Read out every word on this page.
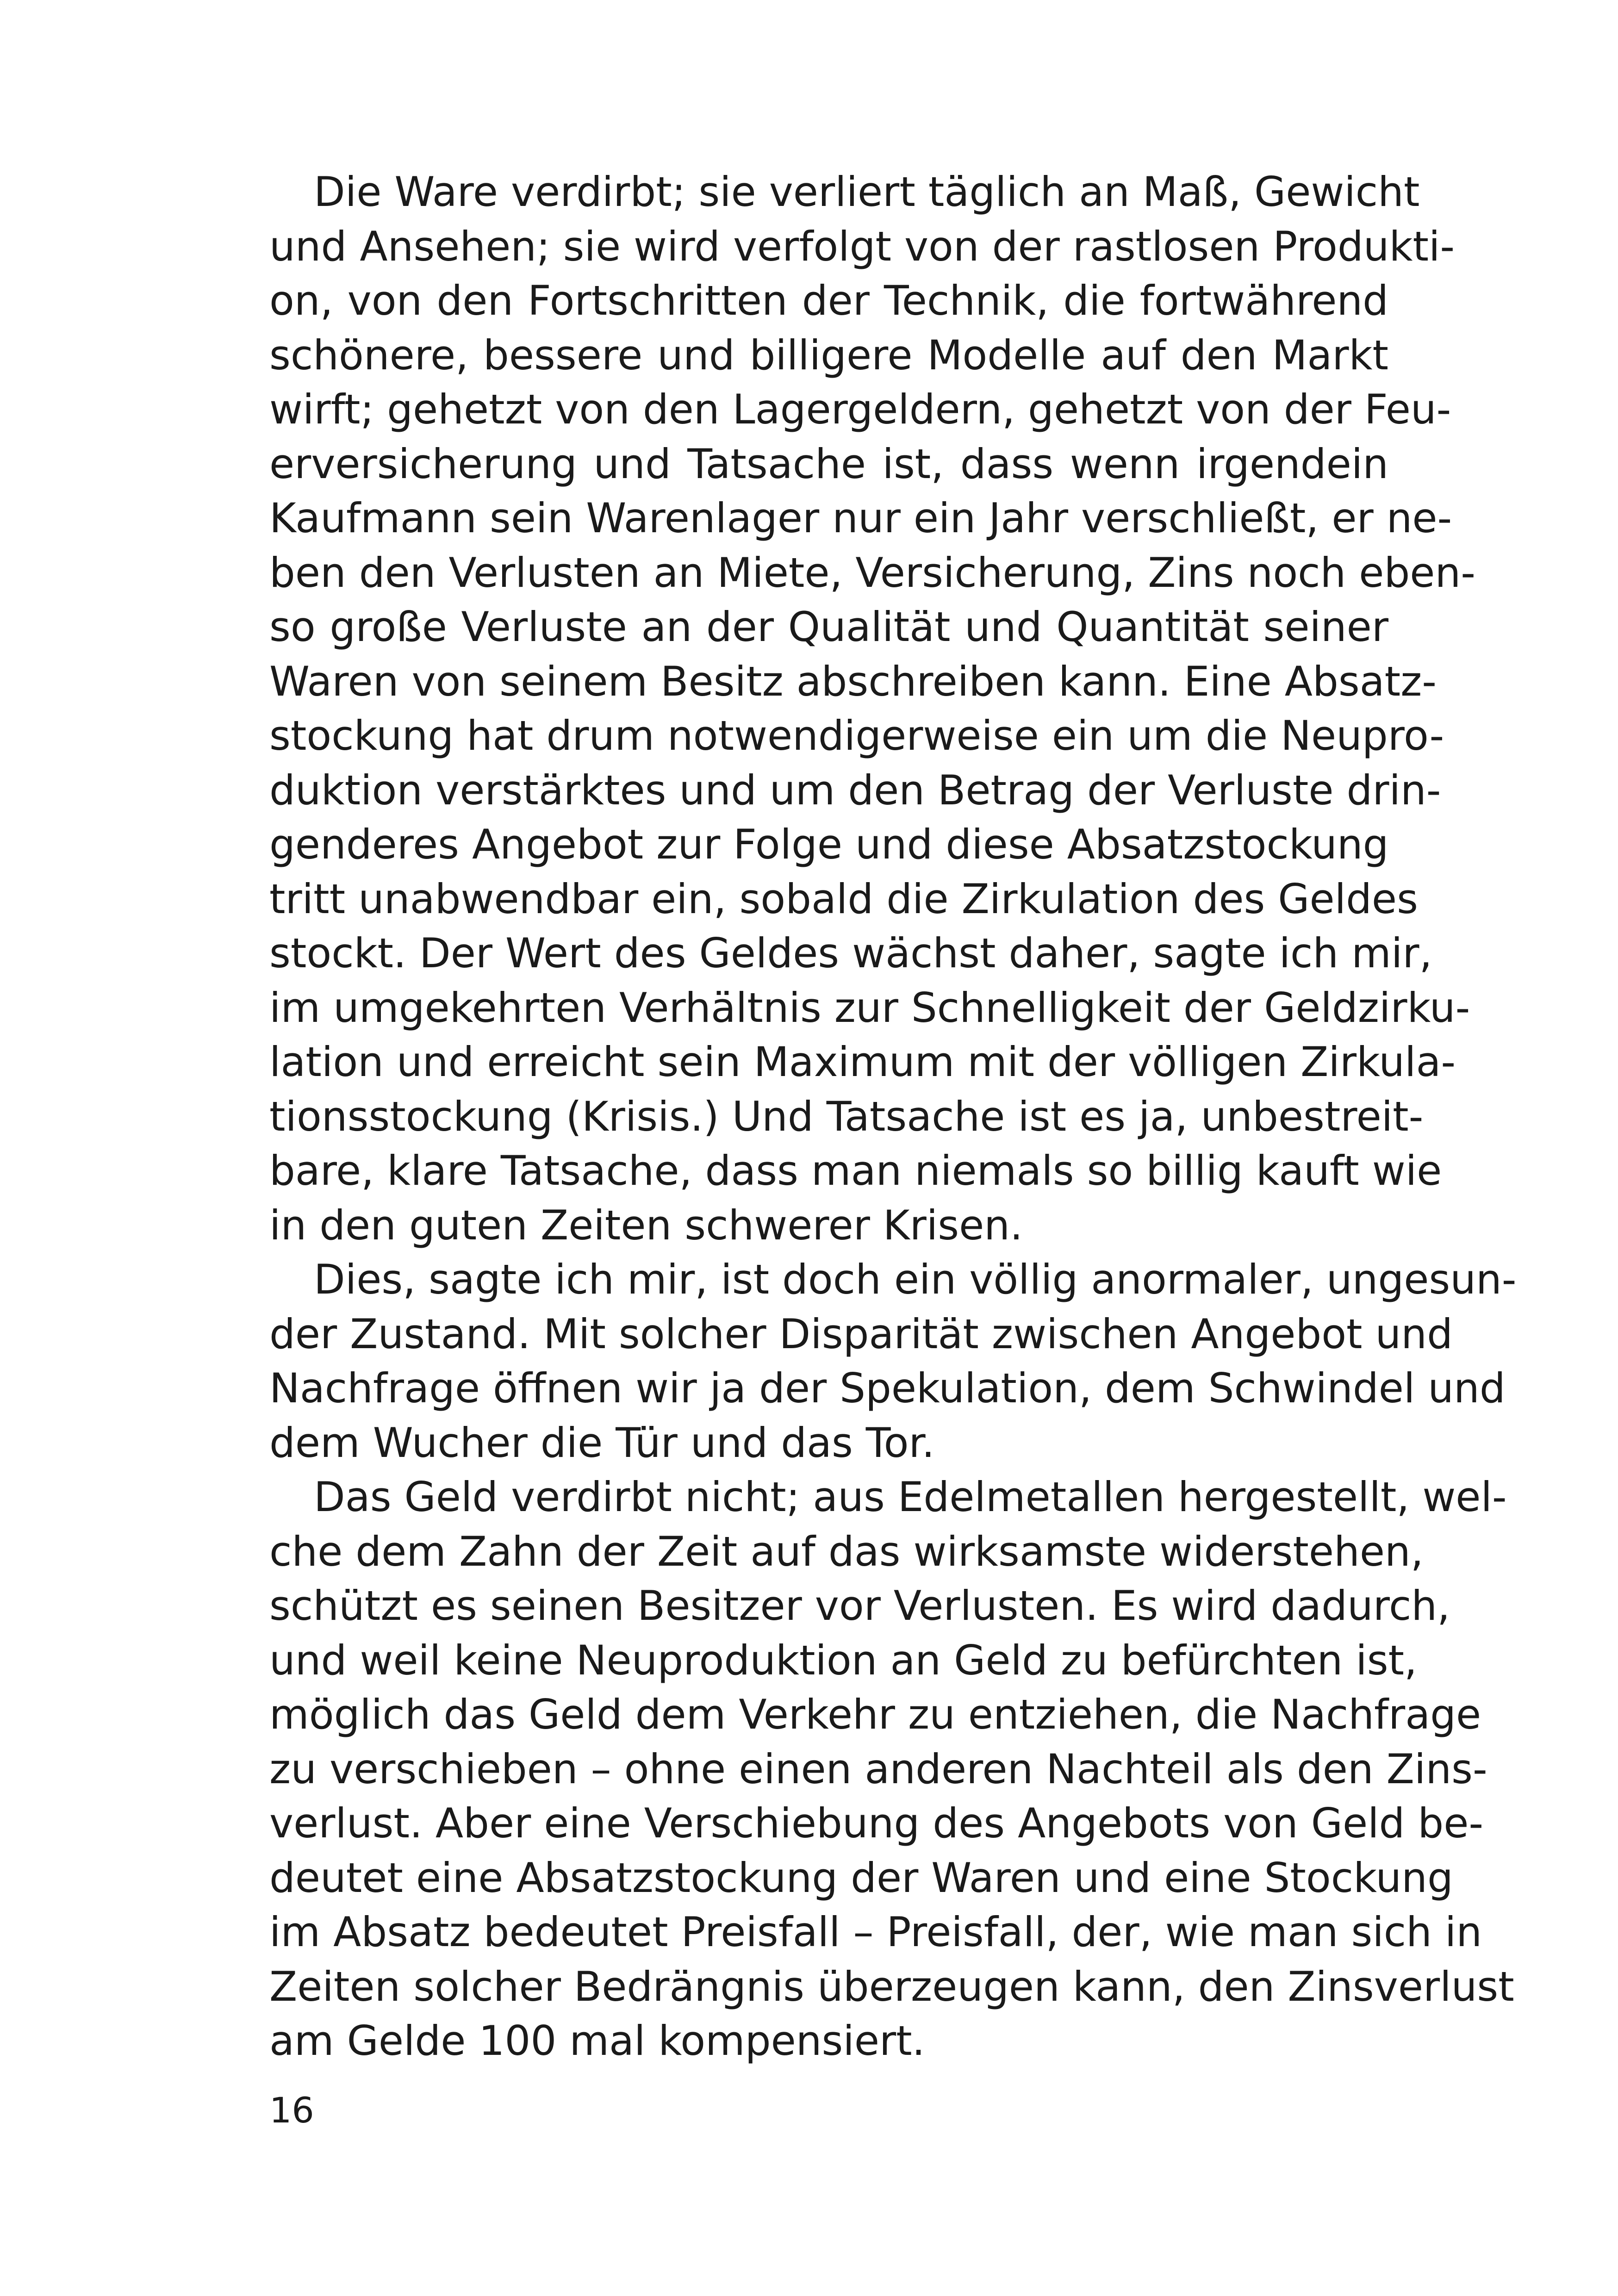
Die Ware verdirbt; sie verliert täglich an Maß, Gewicht
und Ansehen; sie wird verfolgt von der rastlosen Produkti-
on, von den Fortschritten der Technik, die fortwährend
schönere, bessere und billigere Modelle auf den Markt
wirft; gehetzt von den Lagergeldern, gehetzt von der Feu-
erversicherung und Tatsache ist, dass wenn irgendein
Kaufmann sein Warenlager nur ein Jahr verschließt, er ne-
ben den Verlusten an Miete, Versicherung, Zins noch eben-
so große Verluste an der Qualität und Quantität seiner
Waren von seinem Besitz abschreiben kann. Eine Absatz-
stockung hat drum notwendigerweise ein um die Neupro-
duktion verstärktes und um den Betrag der Verluste drin-
genderes Angebot zur Folge und diese Absatzstockung
tritt unabwendbar ein, sobald die Zirkulation des Geldes
stockt. Der Wert des Geldes wächst daher, sagte ich mir,
im umgekehrten Verhältnis zur Schnelligkeit der Geldzirku-
lation und erreicht sein Maximum mit der völligen Zirkula-
tionsstockung (Krisis.) Und Tatsache ist es ja, unbestreit-
bare, klare Tatsache, dass man niemals so billig kauft wie
in den guten Zeiten schwerer Krisen.
Dies, sagte ich mir, ist doch ein völlig anormaler, ungesun-
der Zustand. Mit solcher Disparität zwischen Angebot und
Nachfrage öffnen wir ja der Spekulation, dem Schwindel und
dem Wucher die Tür und das Tor.
Das Geld verdirbt nicht; aus Edelmetallen hergestellt, wel-
che dem Zahn der Zeit auf das wirksamste widerstehen,
schützt es seinen Besitzer vor Verlusten. Es wird dadurch,
und weil keine Neuproduktion an Geld zu befürchten ist,
möglich das Geld dem Verkehr zu entziehen, die Nachfrage
zu verschieben – ohne einen anderen Nachteil als den Zins-
verlust. Aber eine Verschiebung des Angebots von Geld be-
deutet eine Absatzstockung der Waren und eine Stockung
im Absatz bedeutet Preisfall – Preisfall, der, wie man sich in
Zeiten solcher Bedrängnis überzeugen kann, den Zinsverlust
am Gelde 100 mal kompensiert.
16
